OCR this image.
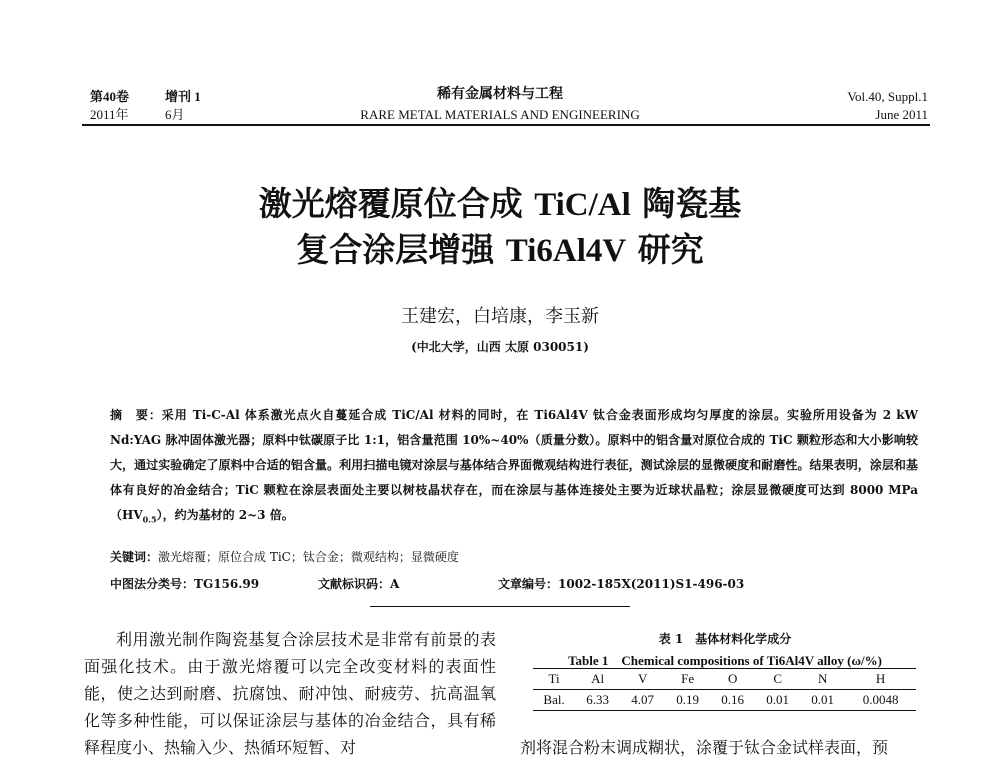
第40卷	增刊 1
2011年	6月
稀有金属材料与工程
RARE METAL MATERIALS AND ENGINEERING
Vol.40, Suppl.1
June 2011
激光熔覆原位合成 TiC/Al 陶瓷基
复合涂层增强 Ti6Al4V 研究
王建宏，白培康，李玉新
(中北大学，山西 太原 030051)
摘　要：采用 Ti-C-Al 体系激光点火自蔓延合成 TiC/Al 材料的同时，在 Ti6Al4V 钛合金表面形成均匀厚度的涂层。实验所用设备为 2 kW Nd:YAG 脉冲固体激光器；原料中钛碳原子比 1:1，铝含量范围 10%~40%（质量分数）。原料中的铝含量对原位合成的 TiC 颗粒形态和大小影响较大，通过实验确定了原料中合适的铝含量。利用扫描电镜对涂层与基体结合界面微观结构进行表征，测试涂层的显微硬度和耐磨性。结果表明，涂层和基体有良好的冶金结合；TiC 颗粒在涂层表面处主要以树枝晶状存在，而在涂层与基体连接处主要为近球状晶粒；涂层显微硬度可达到 8000 $MPa(HV_{0.5})$，约为基材的 2~3 倍。
关键词：激光熔覆；原位合成 TiC；钛合金；微观结构；显微硬度
中图法分类号：TG156.99	文献标识码：A	文章编号：1002-185X(2011)S1-496-03

利用激光制作陶瓷基复合涂层技术是非常有前景的表面强化技术。由于激光熔覆可以完全改变材料的表面性能，使之达到耐磨、抗腐蚀、耐冲蚀、耐疲劳、抗高温氧化等多种性能，可以保证涂层与基体的冶金结合，具有稀释程度小、热输入少、热循环短暂、对

表 1　基体材料化学成分
Table 1　Chemical compositions of Ti6Al4V alloy (ω/%)
Ti	Al	V	Fe	O	C	N	H
Bal.	6.33	4.07	0.19	0.16	0.01	0.01	0.0048
剂将混合粉末调成糊状，涂覆于钛合金试样表面，预
